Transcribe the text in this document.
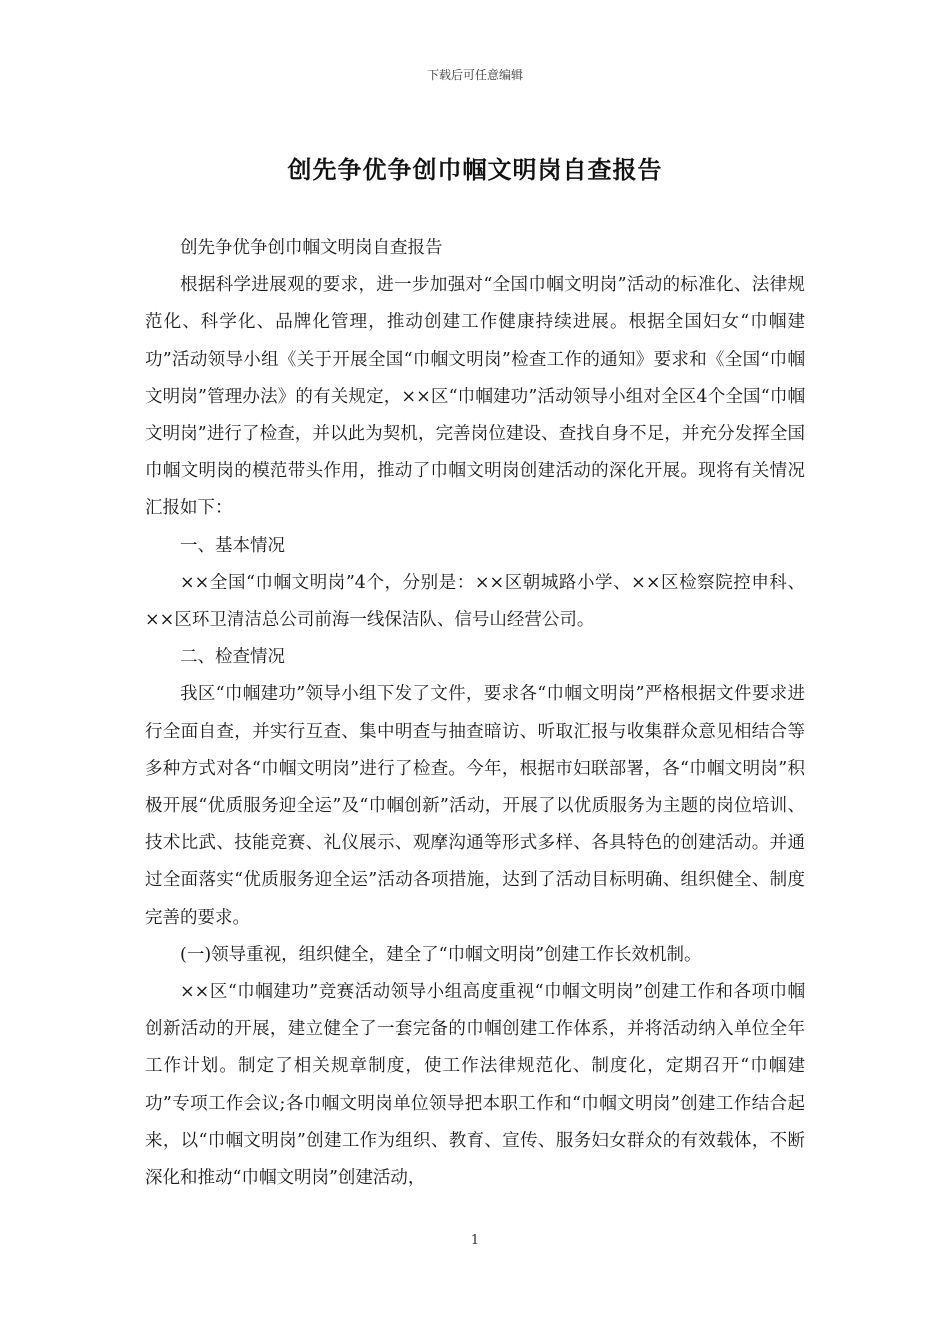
下载后可任意编辑
创先争优争创巾帼文明岗自查报告

创先争优争创巾帼文明岗自查报告

根据科学进展观的要求，进一步加强对“全国巾帼文明岗”活动的标准化、法律规范化、科学化、品牌化管理，推动创建工作健康持续进展。根据全国妇女“巾帼建功”活动领导小组《关于开展全国“巾帼文明岗”检查工作的通知》要求和《全国“巾帼文明岗”管理办法》的有关规定，××区“巾帼建功”活动领导小组对全区4个全国“巾帼文明岗”进行了检查，并以此为契机，完善岗位建设、查找自身不足，并充分发挥全国巾帼文明岗的模范带头作用，推动了巾帼文明岗创建活动的深化开展。现将有关情况汇报如下：

一、基本情况

××全国“巾帼文明岗”4个，分别是：××区朝城路小学、××区检察院控申科、××区环卫清洁总公司前海一线保洁队、信号山经营公司。

二、检查情况

我区“巾帼建功”领导小组下发了文件，要求各“巾帼文明岗”严格根据文件要求进行全面自查，并实行互查、集中明查与抽查暗访、听取汇报与收集群众意见相结合等多种方式对各“巾帼文明岗”进行了检查。今年，根据市妇联部署，各“巾帼文明岗”积极开展“优质服务迎全运”及“巾帼创新”活动，开展了以优质服务为主题的岗位培训、技术比武、技能竞赛、礼仪展示、观摩沟通等形式多样、各具特色的创建活动。并通过全面落实“优质服务迎全运”活动各项措施，达到了活动目标明确、组织健全、制度完善的要求。

(一)领导重视，组织健全，建全了“巾帼文明岗”创建工作长效机制。

××区“巾帼建功”竞赛活动领导小组高度重视“巾帼文明岗”创建工作和各项巾帼创新活动的开展，建立健全了一套完备的巾帼创建工作体系，并将活动纳入单位全年工作计划。制定了相关规章制度，使工作法律规范化、制度化，定期召开“巾帼建功”专项工作会议;各巾帼文明岗单位领导把本职工作和“巾帼文明岗”创建工作结合起来，以“巾帼文明岗”创建工作为组织、教育、宣传、服务妇女群众的有效载体，不断深化和推动“巾帼文明岗”创建活动，

1
